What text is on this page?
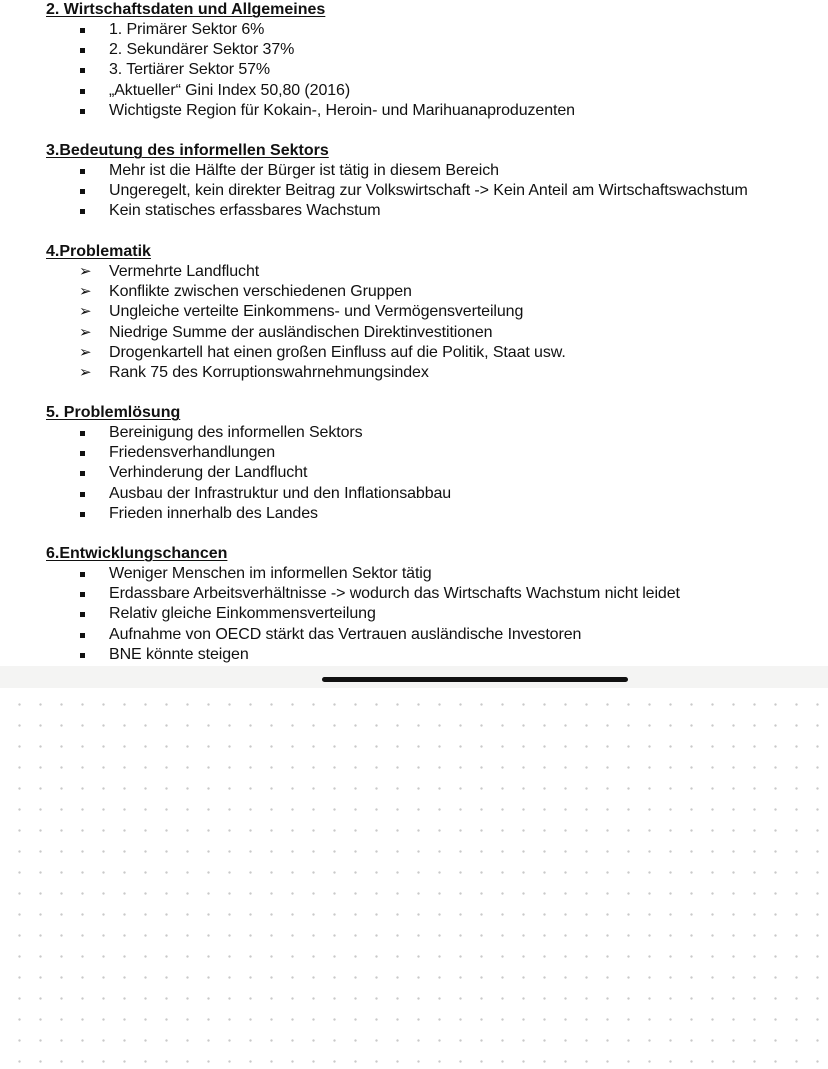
2. Wirtschaftsdaten und Allgemeines
1. Primärer Sektor 6%
2. Sekundärer Sektor 37%
3. Tertiärer Sektor 57%
„Aktueller“ Gini Index 50,80 (2016)
Wichtigste Region für Kokain-, Heroin- und Marihuanaproduzenten
3.Bedeutung des informellen Sektors
Mehr ist die Hälfte der Bürger ist tätig in diesem Bereich
Ungeregelt, kein direkter Beitrag zur Volkswirtschaft -> Kein Anteil am Wirtschaftswachstum
Kein statisches erfassbares Wachstum
4.Problematik
➢ Vermehrte Landflucht
➢ Konflikte zwischen verschiedenen Gruppen
➢ Ungleiche verteilte Einkommens- und Vermögensverteilung
➢ Niedrige Summe der ausländischen Direktinvestitionen
➢ Drogenkartell hat einen großen Einfluss auf die Politik, Staat usw.
➢ Rank 75 des Korruptionswahrnehmungsindex
5. Problemlösung
Bereinigung des informellen Sektors
Friedensverhandlungen
Verhinderung der Landflucht
Ausbau der Infrastruktur und den Inflationsabbau
Frieden innerhalb des Landes
6.Entwicklungschancen
Weniger Menschen im informellen Sektor tätig
Erdassbare Arbeitsverhältnisse -> wodurch das Wirtschafts Wachstum nicht leidet
Relativ gleiche Einkommensverteilung
Aufnahme von OECD stärkt das Vertrauen ausländische Investoren
BNE könnte steigen
